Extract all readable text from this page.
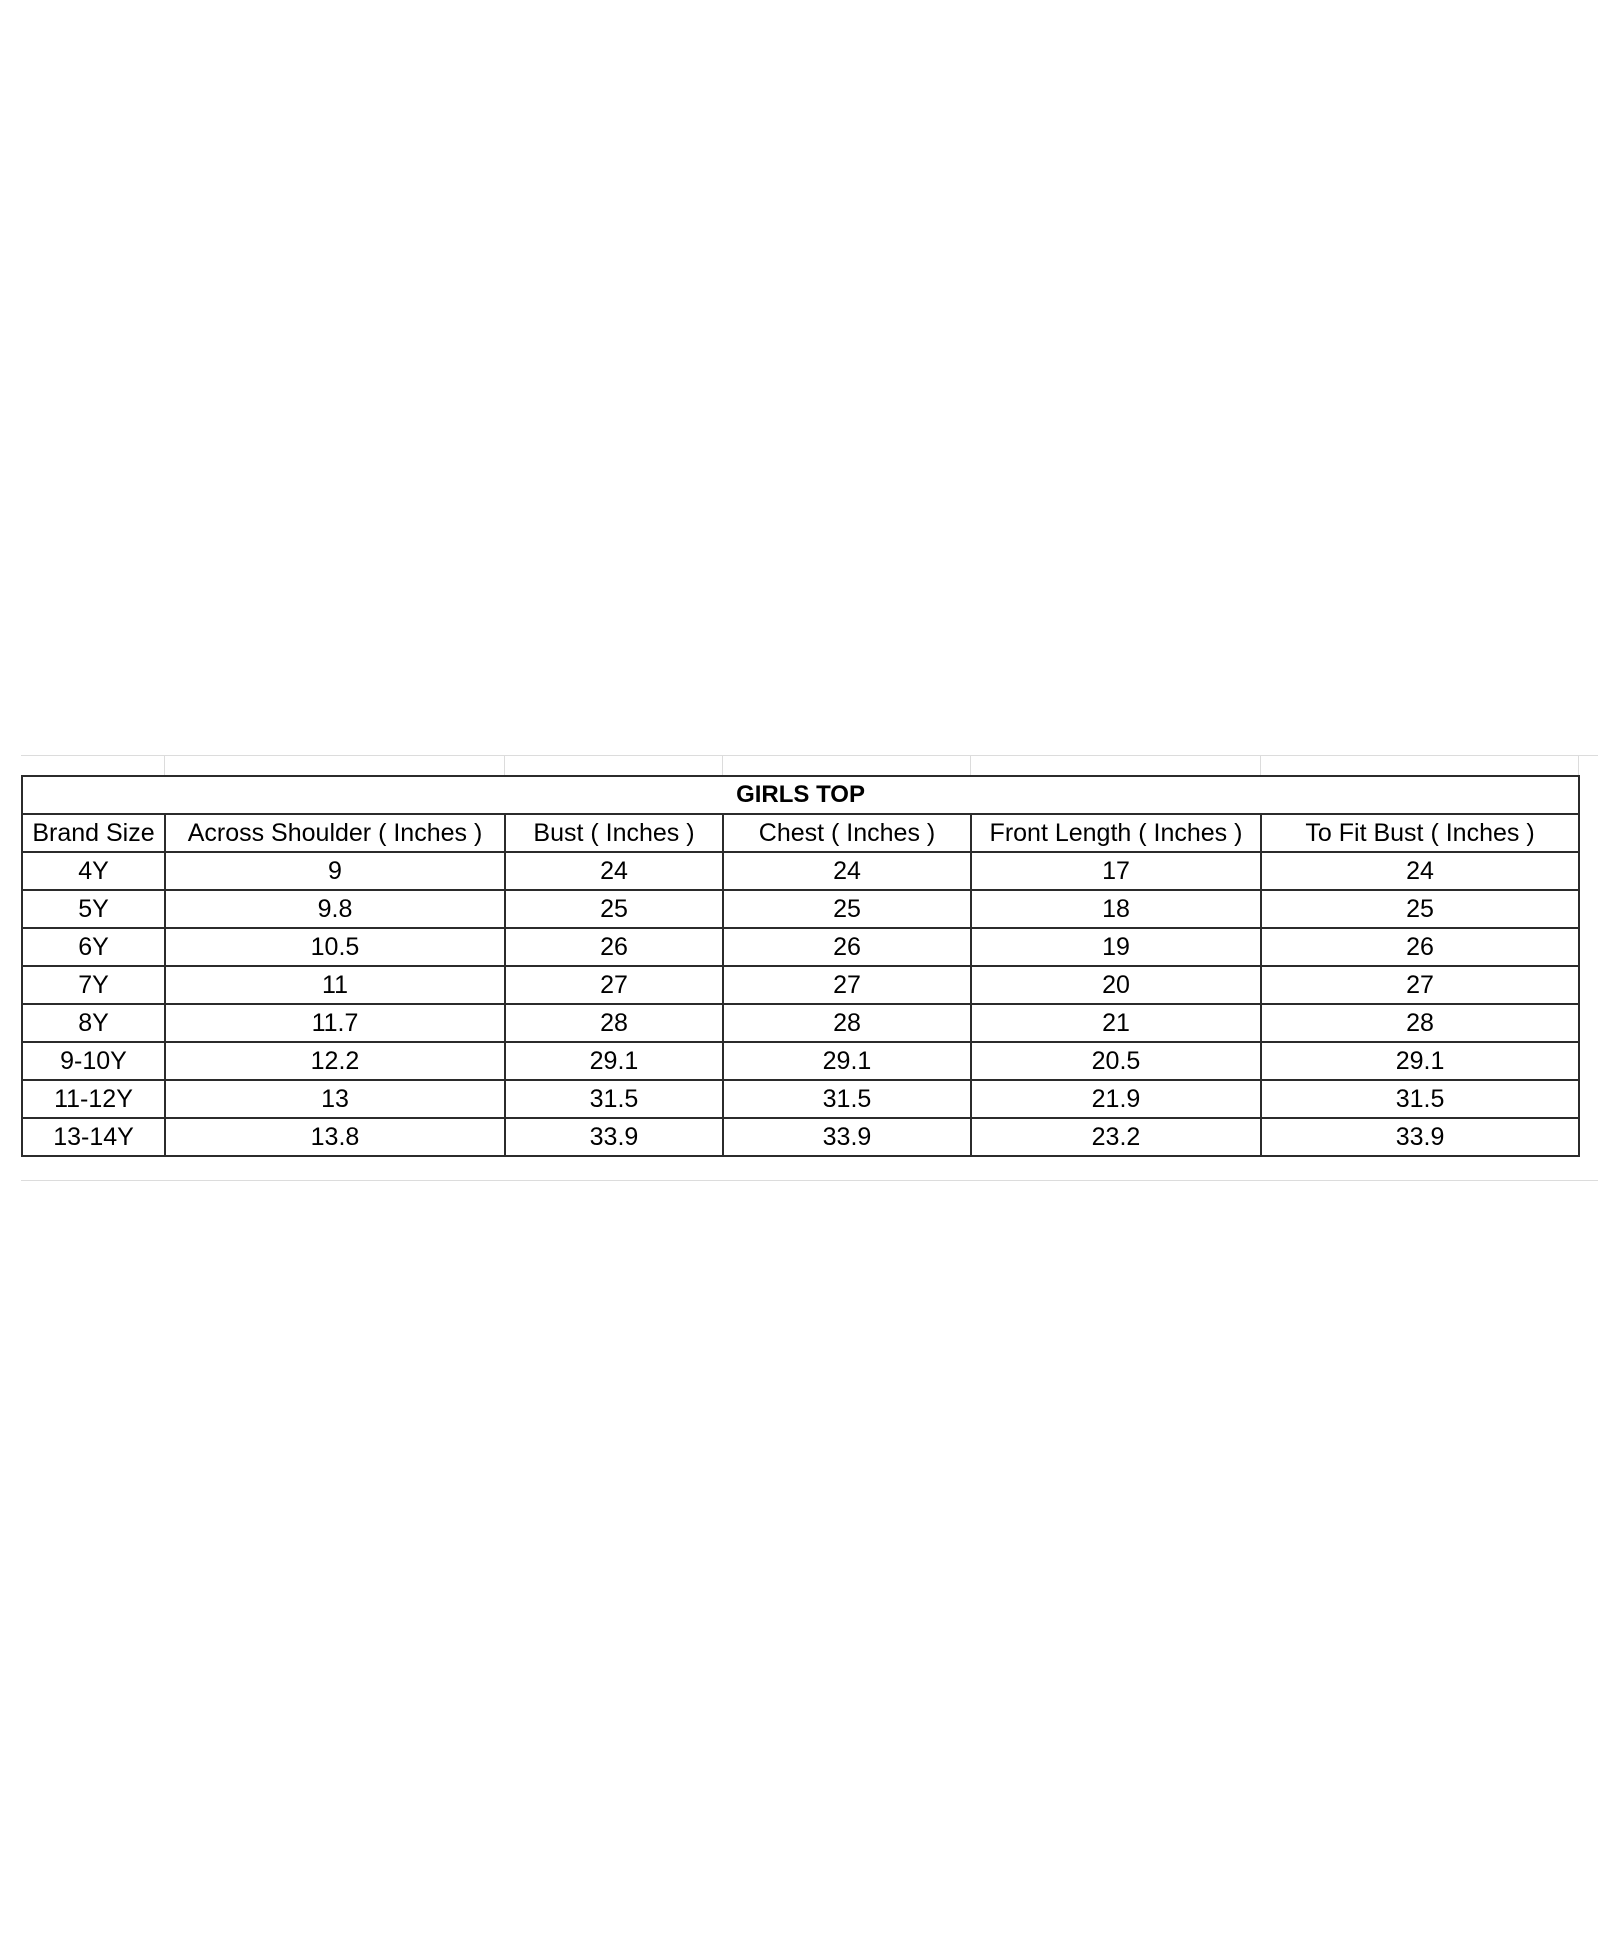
GIRLS TOP					
Brand Size	Across Shoulder ( Inches )	Bust ( Inches )	Chest ( Inches )	Front Length ( Inches )	To Fit Bust ( Inches )
4Y	9	24	24	17	24
5Y	9.8	25	25	18	25
6Y	10.5	26	26	19	26
7Y	11	27	27	20	27
8Y	11.7	28	28	21	28
9-10Y	12.2	29.1	29.1	20.5	29.1
11-12Y	13	31.5	31.5	21.9	31.5
13-14Y	13.8	33.9	33.9	23.2	33.9
